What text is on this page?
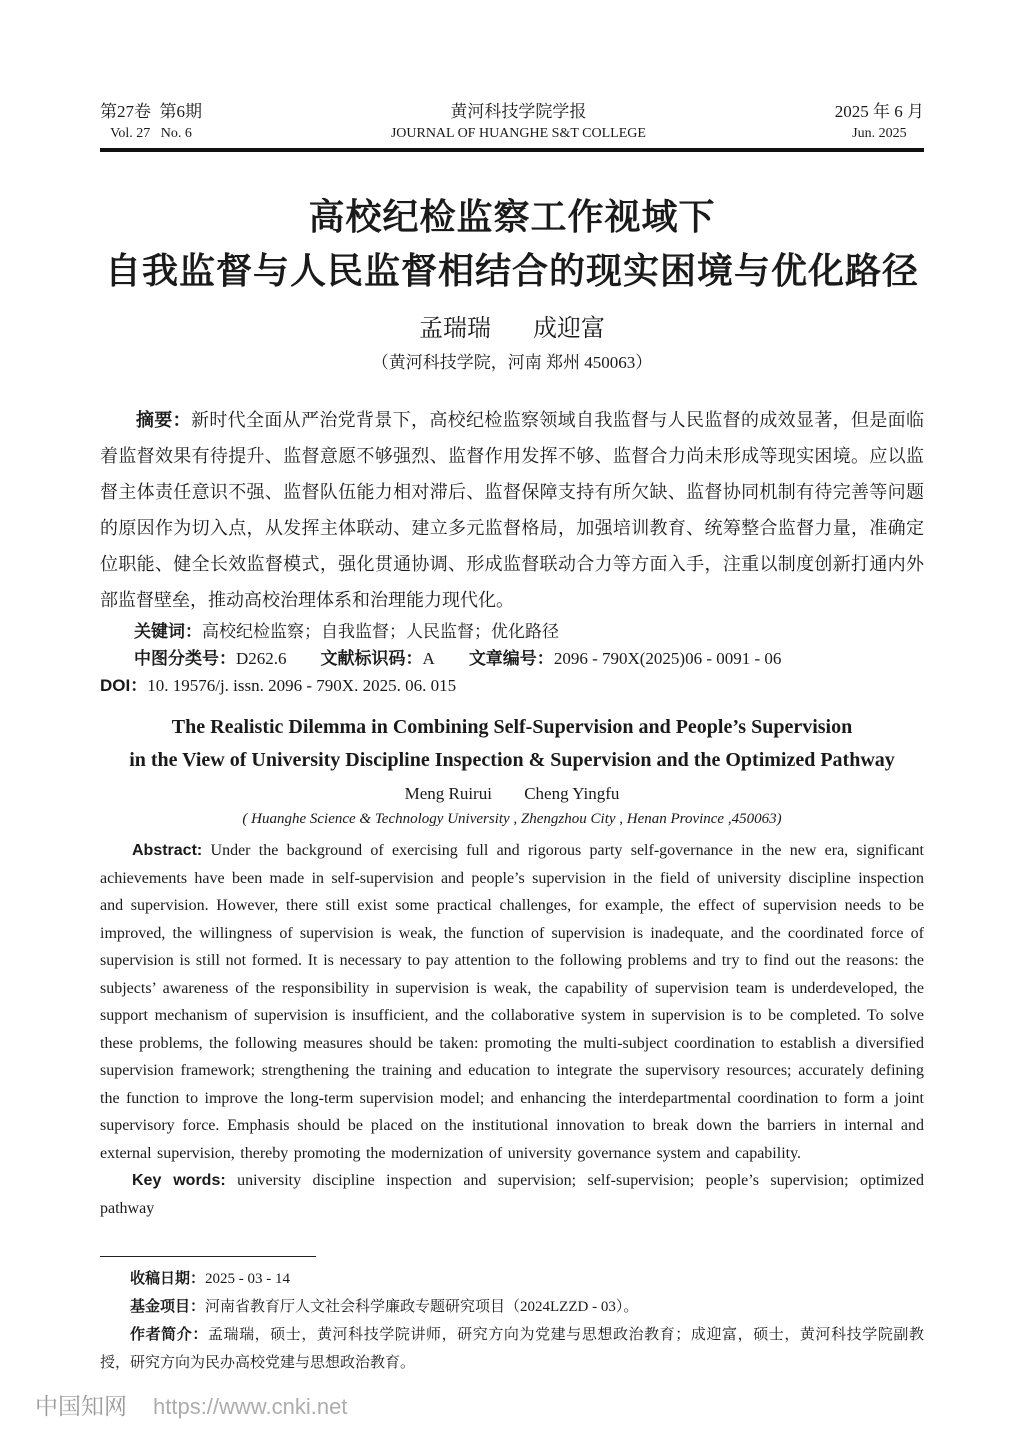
第27卷  第6期
Vol. 27   No. 6
黄河科技学院学报
JOURNAL OF HUANGHE S&T COLLEGE
2025 年 6 月
Jun. 2025
高校纪检监察工作视域下
自我监督与人民监督相结合的现实困境与优化路径
孟瑞瑞 成迎富
（黄河科技学院，河南 郑州 450063）

摘要：新时代全面从严治党背景下，高校纪检监察领域自我监督与人民监督的成效显著，但是面临着监督效果有待提升、监督意愿不够强烈、监督作用发挥不够、监督合力尚未形成等现实困境。应以监督主体责任意识不强、监督队伍能力相对滞后、监督保障支持有所欠缺、监督协同机制有待完善等问题的原因作为切入点，从发挥主体联动、建立多元监督格局，加强培训教育、统筹整合监督力量，准确定位职能、健全长效监督模式，强化贯通协调、形成监督联动合力等方面入手，注重以制度创新打通内外部监督壁垒，推动高校治理体系和治理能力现代化。

关键词：高校纪检监察；自我监督；人民监督；优化路径

中图分类号：D262.6 文献标识码：A 文章编号：2096 - 790X(2025)06 - 0091 - 06

DOI：10. 19576/j. issn. 2096 - 790X. 2025. 06. 015

The Realistic Dilemma in Combining Self-Supervision and People’s Supervision
in the View of University Discipline Inspection & Supervision and the Optimized Pathway
Meng Ruirui Cheng Yingfu
( Huanghe Science & Technology University , Zhengzhou City , Henan Province ,450063)

Abstract: Under the background of exercising full and rigorous party self-governance in the new era, significant achievements have been made in self-supervision and people’s supervision in the field of university discipline inspection and supervision. However, there still exist some practical challenges, for example, the effect of supervision needs to be improved, the willingness of supervision is weak, the function of supervision is inadequate, and the coordinated force of supervision is still not formed. It is necessary to pay attention to the following problems and try to find out the reasons: the subjects’ awareness of the responsibility in supervision is weak, the capability of supervision team is underdeveloped, the support mechanism of supervision is insufficient, and the collaborative system in supervision is to be completed. To solve these problems, the following measures should be taken: promoting the multi-subject coordination to establish a diversified supervision framework; strengthening the training and education to integrate the supervisory resources; accurately defining the function to improve the long-term supervision model; and enhancing the interdepartmental coordination to form a joint supervisory force. Emphasis should be placed on the institutional innovation to break down the barriers in internal and external supervision, thereby promoting the modernization of university governance system and capability.

Key words: university discipline inspection and supervision; self-supervision; people’s supervision; optimized pathway

收稿日期：2025 - 03 - 14

基金项目：河南省教育厅人文社会科学廉政专题研究项目（2024LZZD - 03）。

作者简介：孟瑞瑞，硕士，黄河科技学院讲师，研究方向为党建与思想政治教育；成迎富，硕士，黄河科技学院副教授，研究方向为民办高校党建与思想政治教育。

中国知网 https://www.cnki.net
